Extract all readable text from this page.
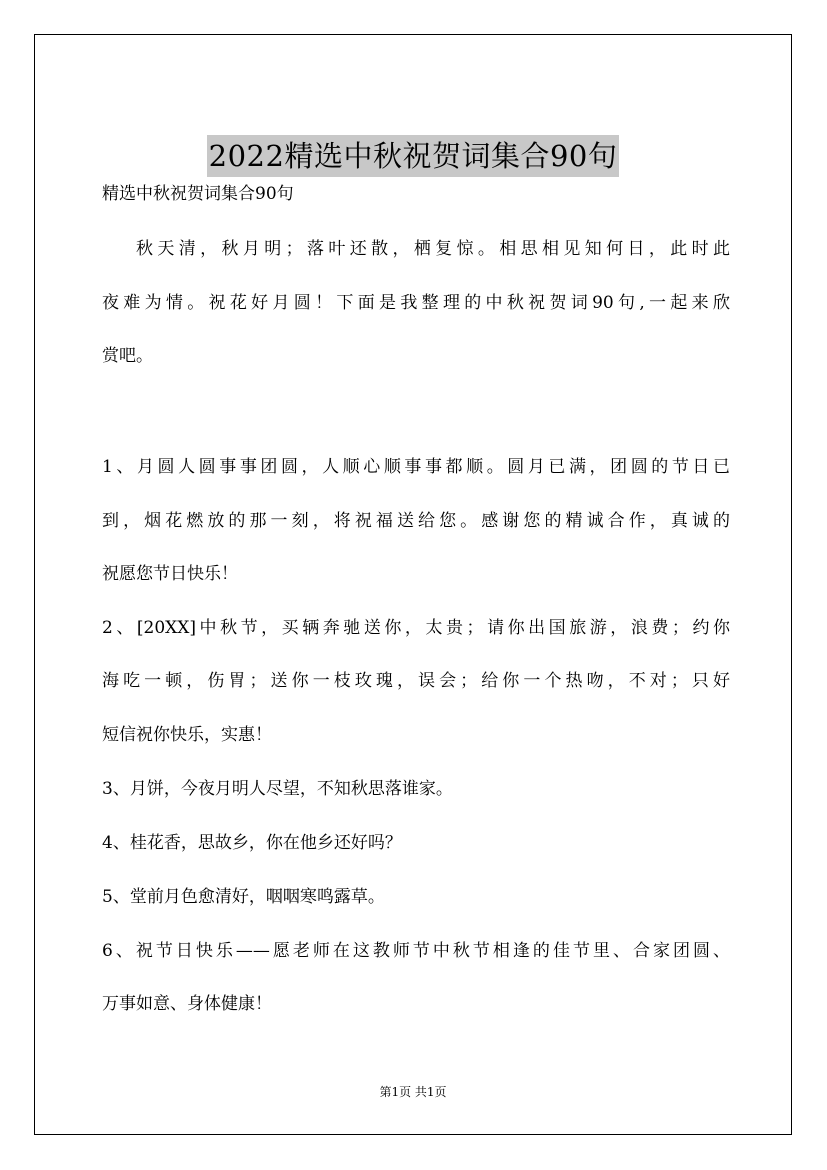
2022精选中秋祝贺词集合90句
精选中秋祝贺词集合90句
秋天清，秋月明；落叶还散，栖复惊。相思相见知何日，此时此
夜难为情。祝花好月圆！下面是我整理的中秋祝贺词90句,一起来欣
赏吧。
1、月圆人圆事事团圆，人顺心顺事事都顺。圆月已满，团圆的节日已
到，烟花燃放的那一刻，将祝福送给您。感谢您的精诚合作，真诚的
祝愿您节日快乐！
2、[20XX]中秋节，买辆奔驰送你，太贵；请你出国旅游，浪费；约你
海吃一顿，伤胃；送你一枝玫瑰，误会；给你一个热吻，不对；只好
短信祝你快乐，实惠！
3、月饼，今夜月明人尽望，不知秋思落谁家。
4、桂花香，思故乡，你在他乡还好吗？
5、堂前月色愈清好，咽咽寒鸣露草。
6、祝节日快乐——愿老师在这教师节中秋节相逢的佳节里、合家团圆、
万事如意、身体健康！
第1页 共1页
